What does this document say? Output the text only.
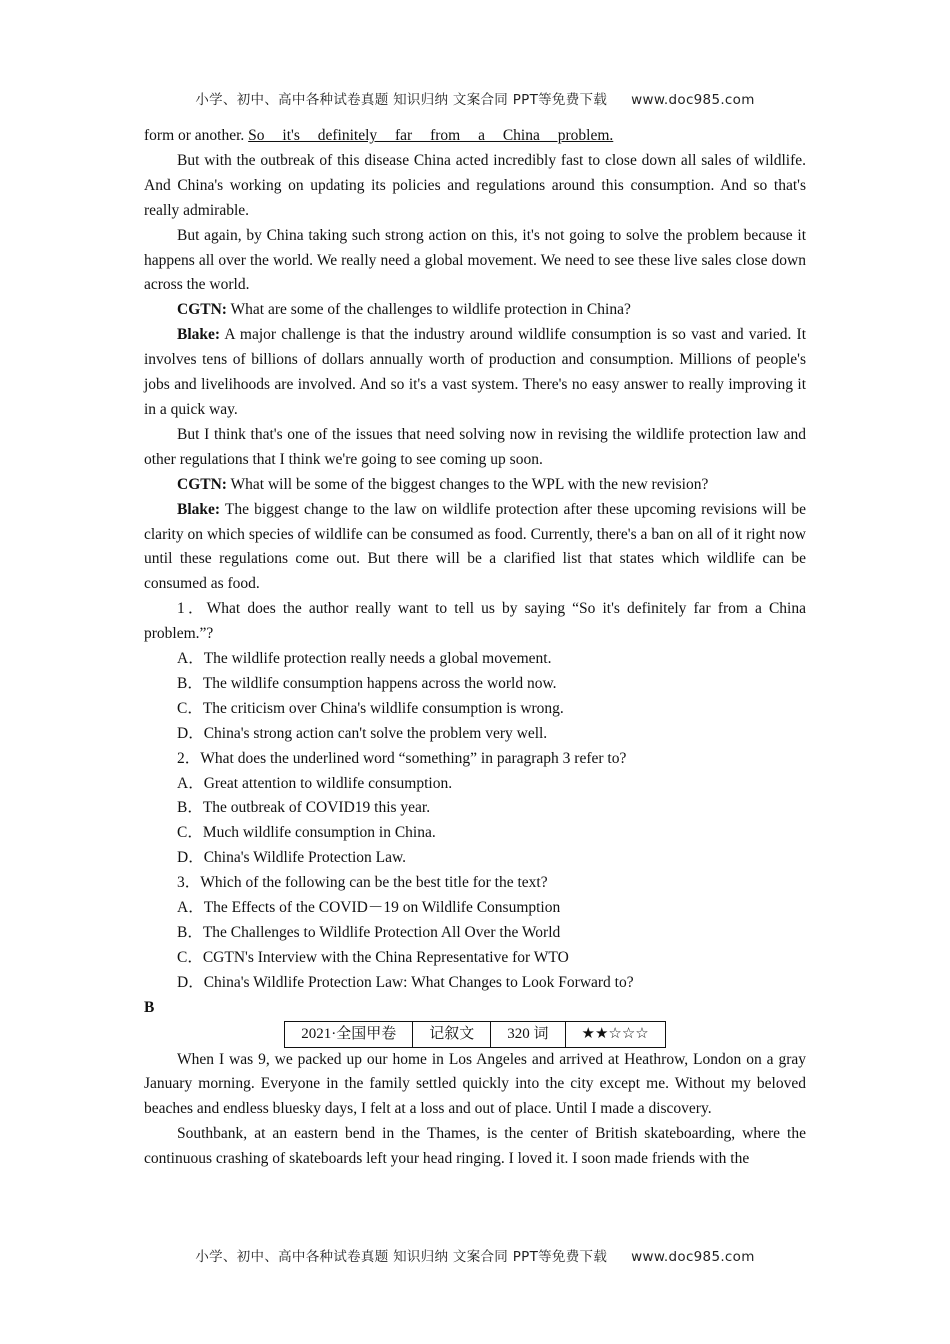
小学、初中、高中各种试卷真题 知识归纳 文案合同 PPT等免费下载 www.doc985.com

form or another. So it's definitely far from a China problem.

But with the outbreak of this disease China acted incredibly fast to close down all sales of wildlife. And China's working on updating its policies and regulations around this consumption. And so that's really admirable.

But again, by China taking such strong action on this, it's not going to solve the problem because it happens all over the world. We really need a global movement. We need to see these live sales close down across the world.

CGTN: What are some of the challenges to wildlife protection in China?

Blake: A major challenge is that the industry around wildlife consumption is so vast and varied. It involves tens of billions of dollars annually worth of production and consumption. Millions of people's jobs and livelihoods are involved. And so it's a vast system. There's no easy answer to really improving it in a quick way.

But I think that's one of the issues that need solving now in revising the wildlife protection law and other regulations that I think we're going to see coming up soon.

CGTN: What will be some of the biggest changes to the WPL with the new revision?

Blake: The biggest change to the law on wildlife protection after these upcoming revisions will be clarity on which species of wildlife can be consumed as food. Currently, there's a ban on all of it right now until these regulations come out. But there will be a clarified list that states which wildlife can be consumed as food.

1．What does the author really want to tell us by saying “So it's definitely far from a China problem.”?

A．The wildlife protection really needs a global movement.

B．The wildlife consumption happens across the world now.

C．The criticism over China's wildlife consumption is wrong.

D．China's strong action can't solve the problem very well.

2．What does the underlined word “something” in paragraph 3 refer to?

A．Great attention to wildlife consumption.

B．The outbreak of COVID19 this year.

C．Much wildlife consumption in China.

D．China's Wildlife Protection Law.

3．Which of the following can be the best title for the text?

A．The Effects of the COVID－19 on Wildlife Consumption

B．The Challenges to Wildlife Protection All Over the World

C．CGTN's Interview with the China Representative for WTO

D．China's Wildlife Protection Law: What Changes to Look Forward to?

B

2021·全国甲卷	记叙文	320 词	★★☆☆☆

When I was 9, we packed up our home in Los Angeles and arrived at Heathrow, London on a gray January morning. Everyone in the family settled quickly into the city except me. Without my beloved beaches and endless bluesky days, I felt at a loss and out of place. Until I made a discovery.

Southbank, at an eastern bend in the Thames, is the center of British skateboarding, where the continuous crashing of skateboards left your head ringing. I loved it. I soon made friends with the

小学、初中、高中各种试卷真题 知识归纳 文案合同 PPT等免费下载 www.doc985.com
